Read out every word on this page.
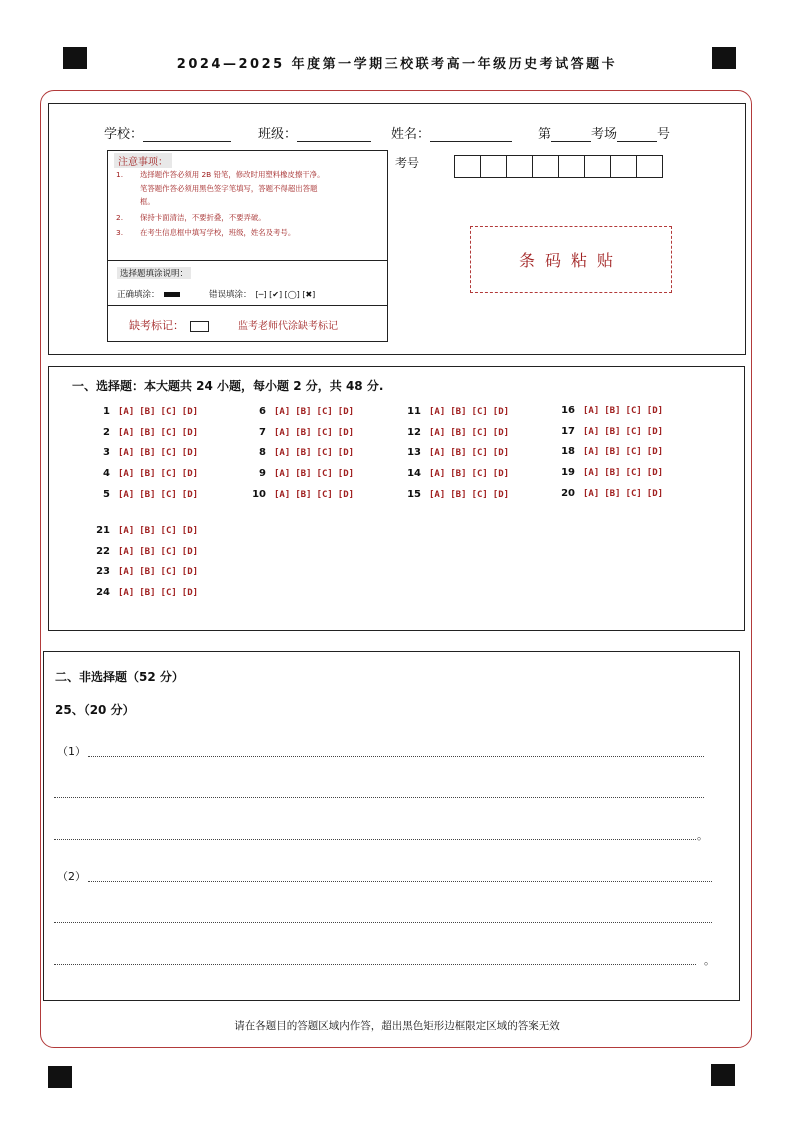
2024—2025 年度第一学期三校联考高一年级历史考试答题卡
学校：	班级：	姓名：	第	考场	号
注意事项：
1. 选择题作答必须用 2B 铅笔，修改时用塑料橡皮擦干净。
笔答题作答必须用黑色签字笔填写，答题不得超出答题
框。
2. 保持卡面清洁，不要折叠，不要弄破。
3. 在考生信息框中填写学校，班级，姓名及考号。
选择题填涂说明：
正确填涂：	错误填涂： [─] [✔] [◯] [✖]
缺考标记：	监考老师代涂缺考标记
考号
条码粘贴
一、选择题：本大题共 24 小题，每小题 2 分，共 48 分.
1 [A] [B] [C] [D]
2 [A] [B] [C] [D]
3 [A] [B] [C] [D]
4 [A] [B] [C] [D]
5 [A] [B] [C] [D]
6 [A] [B] [C] [D]
7 [A] [B] [C] [D]
8 [A] [B] [C] [D]
9 [A] [B] [C] [D]
10 [A] [B] [C] [D]
11 [A] [B] [C] [D]
12 [A] [B] [C] [D]
13 [A] [B] [C] [D]
14 [A] [B] [C] [D]
15 [A] [B] [C] [D]
16 [A] [B] [C] [D]
17 [A] [B] [C] [D]
18 [A] [B] [C] [D]
19 [A] [B] [C] [D]
20 [A] [B] [C] [D]
21 [A] [B] [C] [D]
22 [A] [B] [C] [D]
23 [A] [B] [C] [D]
24 [A] [B] [C] [D]
二、非选择题（52 分）
25、（20 分）
（1）
。
（2）
。
请在各题目的答题区域内作答，超出黑色矩形边框限定区域的答案无效
